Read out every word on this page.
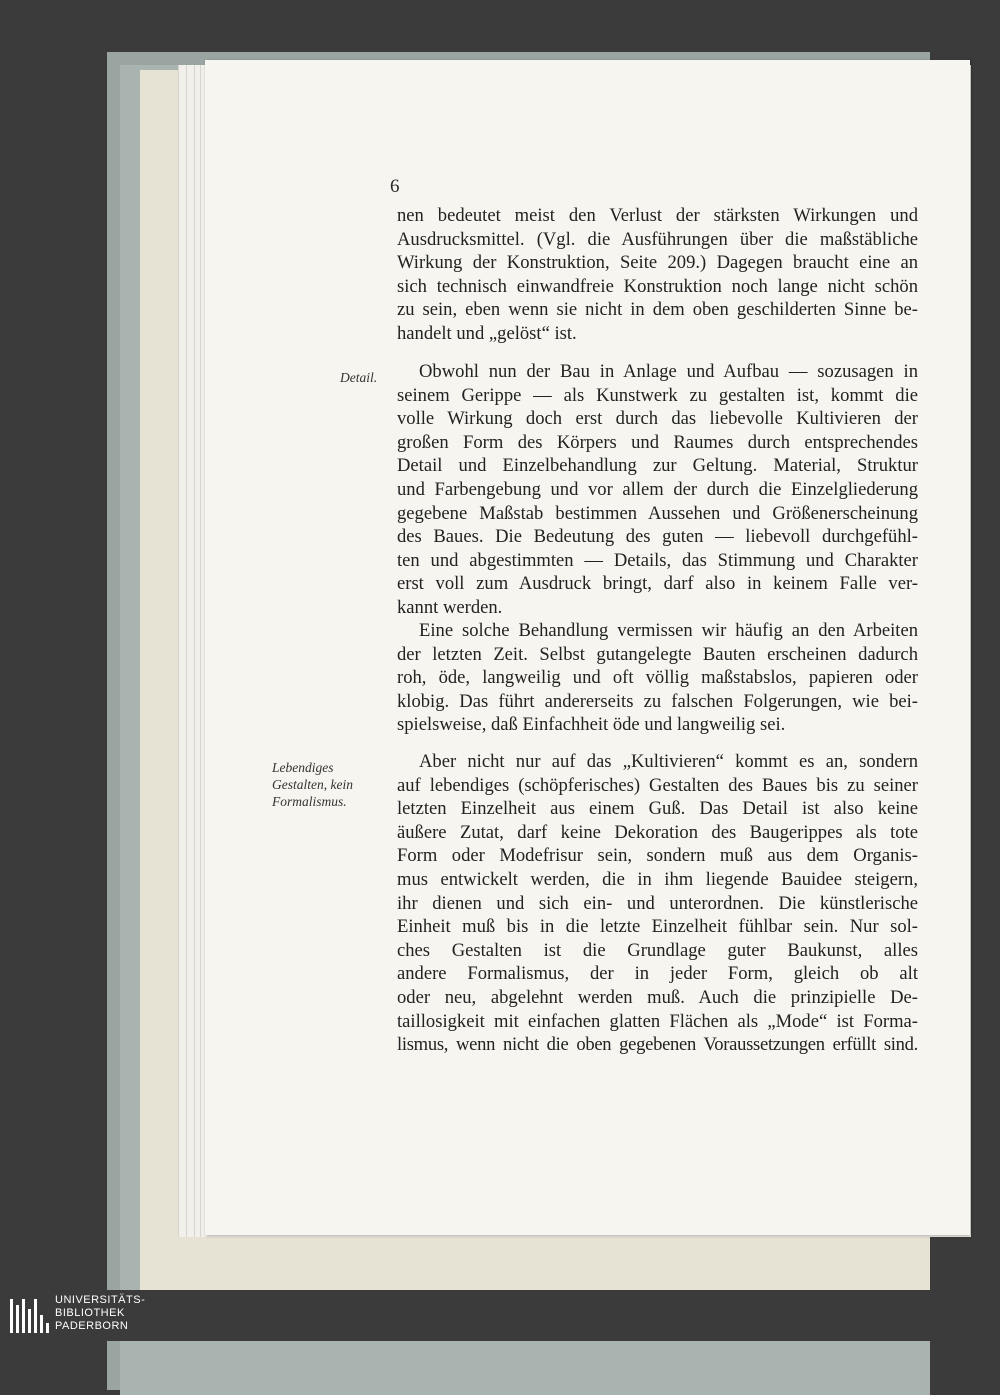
6
nen bedeutet meist den Verlust der stärksten Wirkungen und
Ausdrucksmittel. (Vgl. die Ausführungen über die maßstäbliche
Wirkung der Konstruktion, Seite 209.) Dagegen braucht eine an
sich technisch einwandfreie Konstruktion noch lange nicht schön
zu sein, eben wenn sie nicht in dem oben geschilderten Sinne be-
handelt und „gelöst“ ist.
Detail.	Obwohl nun der Bau in Anlage und Aufbau — sozusagen in
seinem Gerippe — als Kunstwerk zu gestalten ist, kommt die
volle Wirkung doch erst durch das liebevolle Kultivieren der
großen Form des Körpers und Raumes durch entsprechendes
Detail und Einzelbehandlung zur Geltung. Material, Struktur
und Farbengebung und vor allem der durch die Einzelgliederung
gegebene Maßstab bestimmen Aussehen und Größenerscheinung
des Baues. Die Bedeutung des guten — liebevoll durchgefühl-
ten und abgestimmten — Details, das Stimmung und Charakter
erst voll zum Ausdruck bringt, darf also in keinem Falle ver-
kannt werden.
Eine solche Behandlung vermissen wir häufig an den Arbeiten
der letzten Zeit. Selbst gutangelegte Bauten erscheinen dadurch
roh, öde, langweilig und oft völlig maßstabslos, papieren oder
klobig. Das führt andererseits zu falschen Folgerungen, wie bei-
spielsweise, daß Einfachheit öde und langweilig sei.
Lebendiges
Gestalten, kein
Formalismus.
Aber nicht nur auf das „Kultivieren“ kommt es an, sondern
auf lebendiges (schöpferisches) Gestalten des Baues bis zu seiner
letzten Einzelheit aus einem Guß. Das Detail ist also keine
äußere Zutat, darf keine Dekoration des Baugerippes als tote
Form oder Modefrisur sein, sondern muß aus dem Organis-
mus entwickelt werden, die in ihm liegende Bauidee steigern,
ihr dienen und sich ein- und unterordnen. Die künstlerische
Einheit muß bis in die letzte Einzelheit fühlbar sein. Nur sol-
ches Gestalten ist die Grundlage guter Baukunst, alles
andere Formalismus, der in jeder Form, gleich ob alt
oder neu, abgelehnt werden muß. Auch die prinzipielle De-
taillosigkeit mit einfachen glatten Flächen als „Mode“ ist Forma-
lismus, wenn nicht die oben gegebenen Voraussetzungen erfüllt sind.
UNIVERSITÄTS-
BIBLIOTHEK
PADERBORN
